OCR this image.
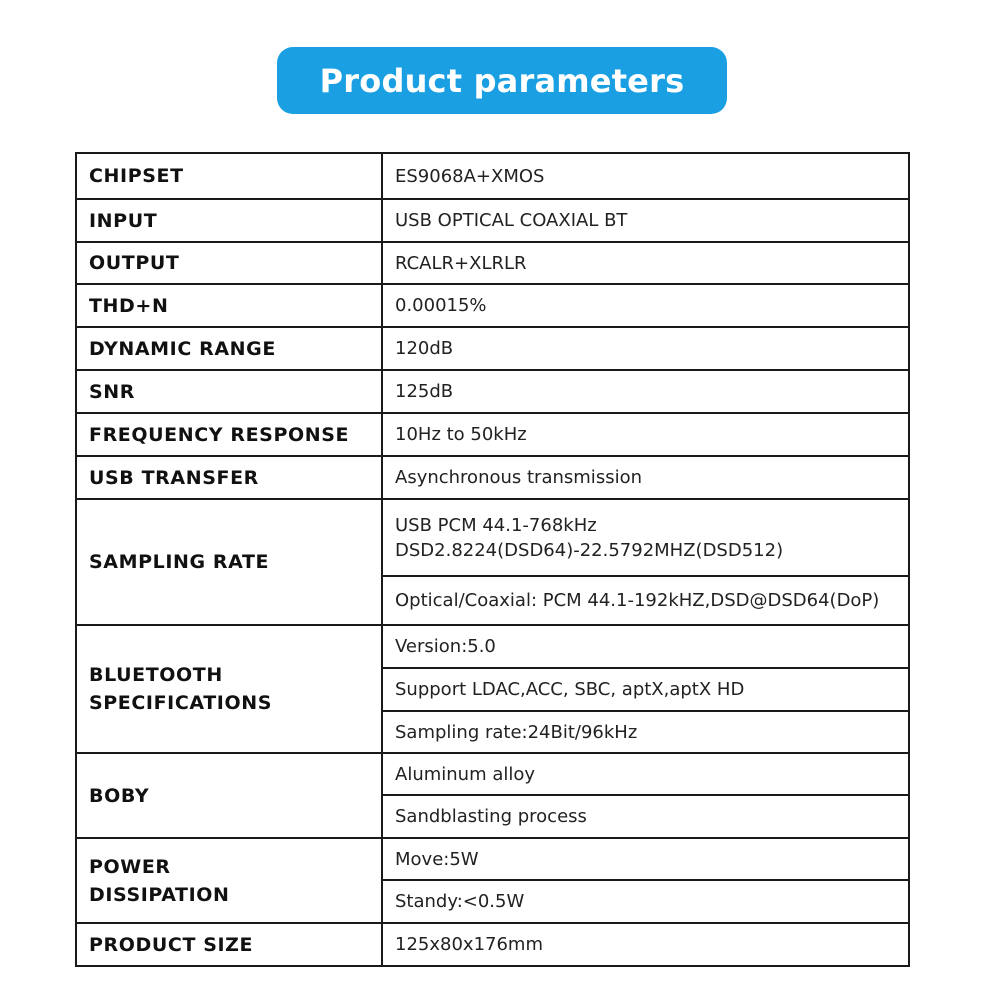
Product parameters
CHIPSET	ES9068A+XMOS
INPUT	USB OPTICAL COAXIAL BT
OUTPUT	RCALR+XLRLR
THD+N	0.00015%
DYNAMIC RANGE	120dB
SNR	125dB
FREQUENCY RESPONSE	10Hz to 50kHz
USB TRANSFER	Asynchronous transmission
SAMPLING RATE	USB PCM 44.1-768kHz
DSD2.8224(DSD64)-22.5792MHZ(DSD512)

	Optical/Coaxial: PCM 44.1-192kHZ,DSD@DSD64(DoP)

BLUETOOTH
SPECIFICATIONS	Version:5.0
	Support LDAC,ACC, SBC, aptX,aptX HD
	Sampling rate:24Bit/96kHz
BOBY	Aluminum alloy
	Sandblasting process

POWER
DISSIPATION	Move:5W
	Standy:<0.5W
PRODUCT SIZE	125x80x176mm
